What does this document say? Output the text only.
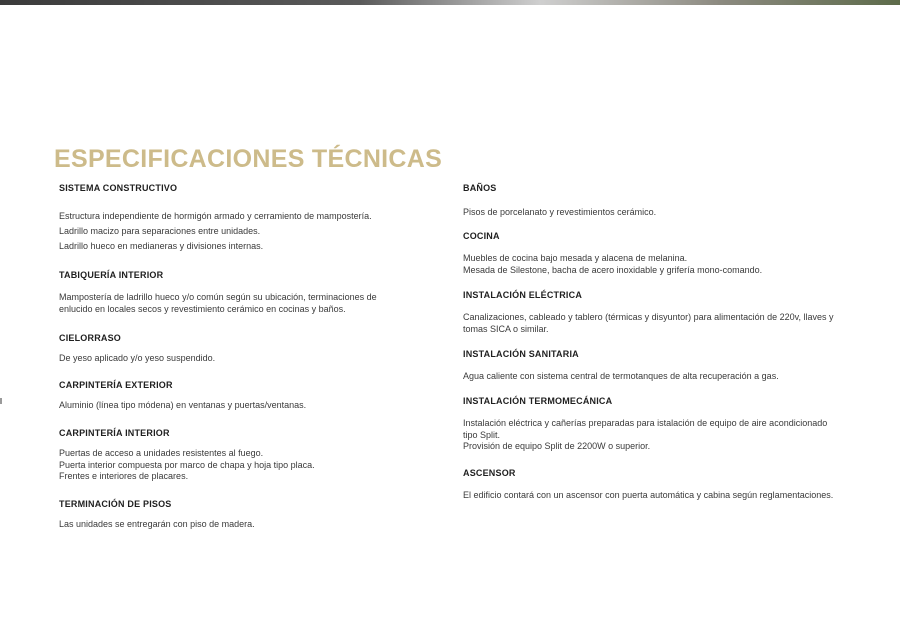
ESPECIFICACIONES TÉCNICAS

SISTEMA CONSTRUCTIVO

Estructura independiente de hormigón armado y cerramiento de mampostería.

Ladrillo macizo para separaciones entre unidades.

Ladrillo hueco en medianeras y divisiones internas.

TABIQUERÍA INTERIOR

Mampostería de ladrillo hueco y/o común según su ubicación, terminaciones de

enlucido en locales secos y revestimiento cerámico en cocinas y baños.

CIELORRASO

De yeso aplicado y/o yeso suspendido.

CARPINTERÍA EXTERIOR

Aluminio (línea tipo módena) en ventanas y puertas/ventanas.

CARPINTERÍA INTERIOR

Puertas de acceso a unidades resistentes al fuego.

Puerta interior compuesta por marco de chapa y hoja tipo placa.

Frentes e interiores de placares.

TERMINACIÓN DE PISOS

Las unidades se entregarán con piso de madera.

BAÑOS

Pisos de porcelanato y revestimientos cerámico.

COCINA

Muebles de cocina bajo mesada y alacena de melanina.

Mesada de Silestone, bacha de acero inoxidable y grifería mono-comando.

INSTALACIÓN ELÉCTRICA

Canalizaciones, cableado y tablero (térmicas y disyuntor) para alimentación de 220v, llaves y

tomas SICA o similar.

INSTALACIÓN SANITARIA

Agua caliente con sistema central de termotanques de alta recuperación a gas.

INSTALACIÓN TERMOMECÁNICA

Instalación eléctrica y cañerías preparadas para istalación de equipo de aire acondicionado

tipo Split.

Provisión de equipo Split de 2200W o superior.

ASCENSOR

El edificio contará con un ascensor con puerta automática y cabina según reglamentaciones.
